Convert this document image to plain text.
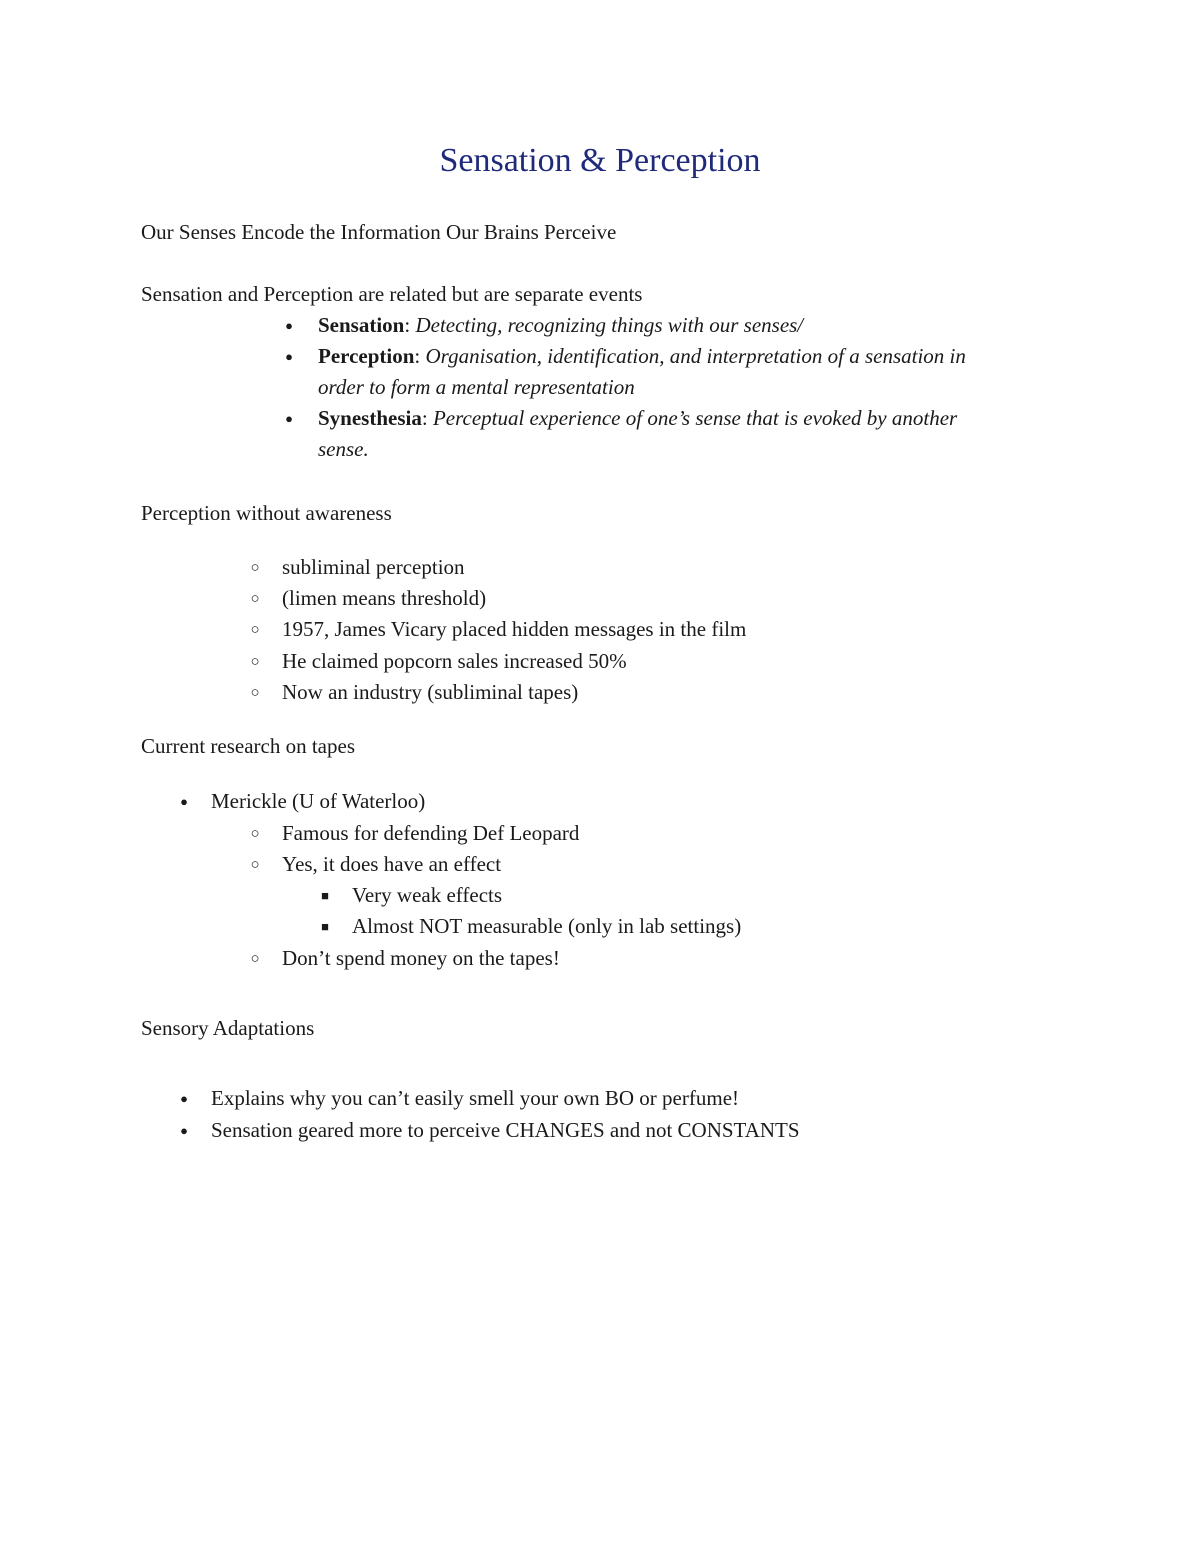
Sensation & Perception

Our Senses Encode the Information Our Brains Perceive

Sensation and Perception are related but are separate events

●

Sensation: Detecting, recognizing things with our senses/

●

Perception: Organisation, identification, and interpretation of a sensation in

order to form a mental representation

●

Synesthesia: Perceptual experience of one’s sense that is evoked by another

sense.

Perception without awareness

○

subliminal perception

○

(limen means threshold)

○

1957, James Vicary placed hidden messages in the film

○

He claimed popcorn sales increased 50%

○

Now an industry (subliminal tapes)

Current research on tapes

●

Merickle (U of Waterloo)

○

Famous for defending Def Leopard

○

Yes, it does have an effect

■

Very weak effects

■

Almost NOT measurable (only in lab settings)

○

Don’t spend money on the tapes!

Sensory Adaptations

●

Explains why you can’t easily smell your own BO or perfume!

●

Sensation geared more to perceive CHANGES and not CONSTANTS
